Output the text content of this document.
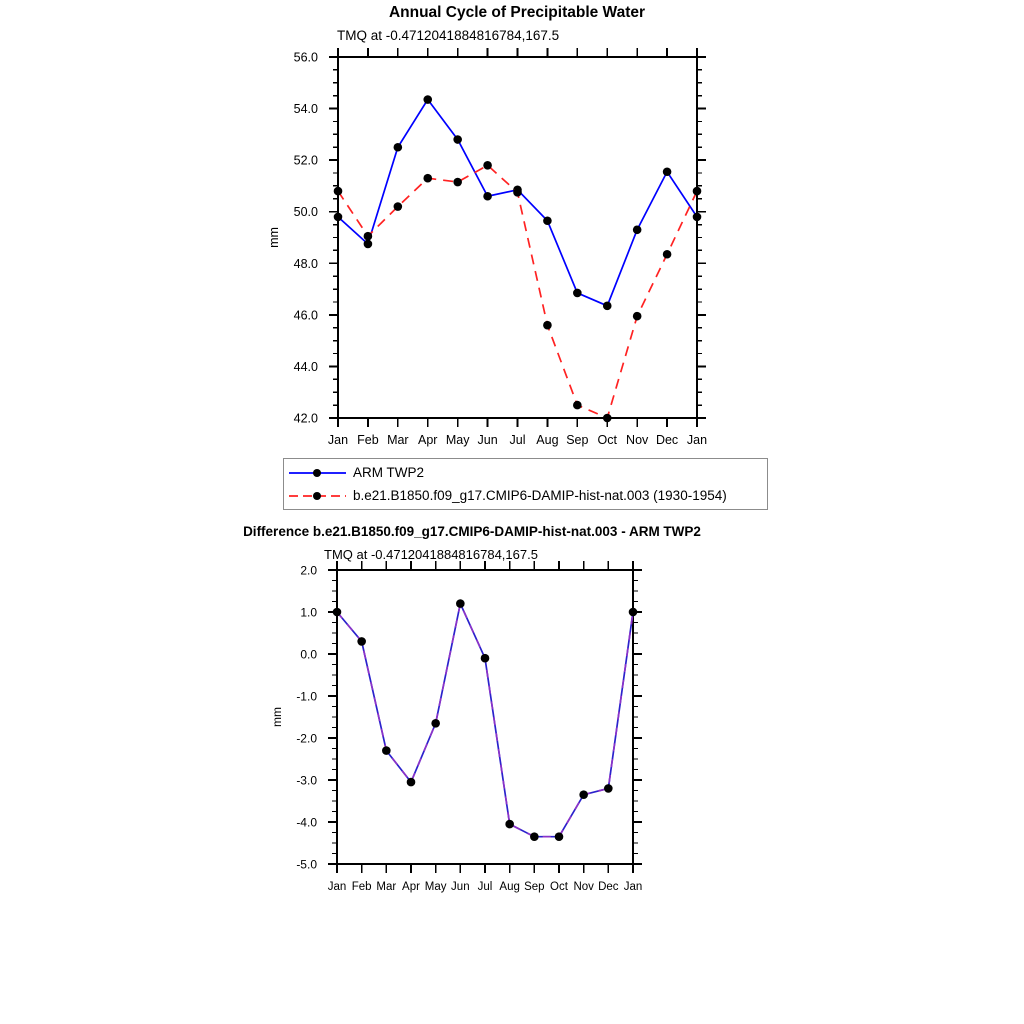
Annual Cycle of Precipitable Water
TMQ at -0.4712041884816784,167.5
42.0
44.0
46.0
48.0
50.0
52.0
54.0
56.0
Jan Feb Mar Apr May Jun Jul Aug Sep Oct Nov Dec Jan
mm
ARM TWP2
b.e21.B1850.f09_g17.CMIP6-DAMIP-hist-nat.003 (1930-1954)
Difference b.e21.B1850.f09_g17.CMIP6-DAMIP-hist-nat.003 - ARM TWP2
TMQ at -0.4712041884816784,167.5
-5.0
-4.0
-3.0
-2.0
-1.0
0.0
1.0
2.0
Jan Feb Mar Apr May Jun Jul Aug Sep Oct Nov Dec Jan
mm
